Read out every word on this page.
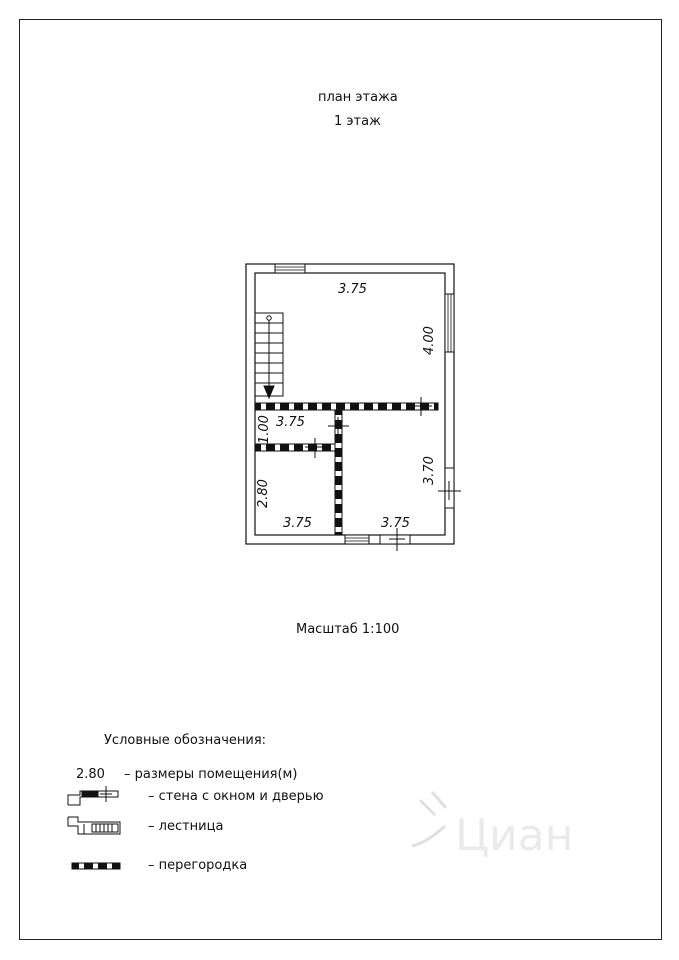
план этажа
1 этаж
3.75
4.00
3.75
1.00
2.80
3.75
3.70
3.75
Циан
Масштаб 1:100
Условные обозначения:
2.80 – размеры помещения(м)
– стена с окном и дверью
– лестница
– перегородка
